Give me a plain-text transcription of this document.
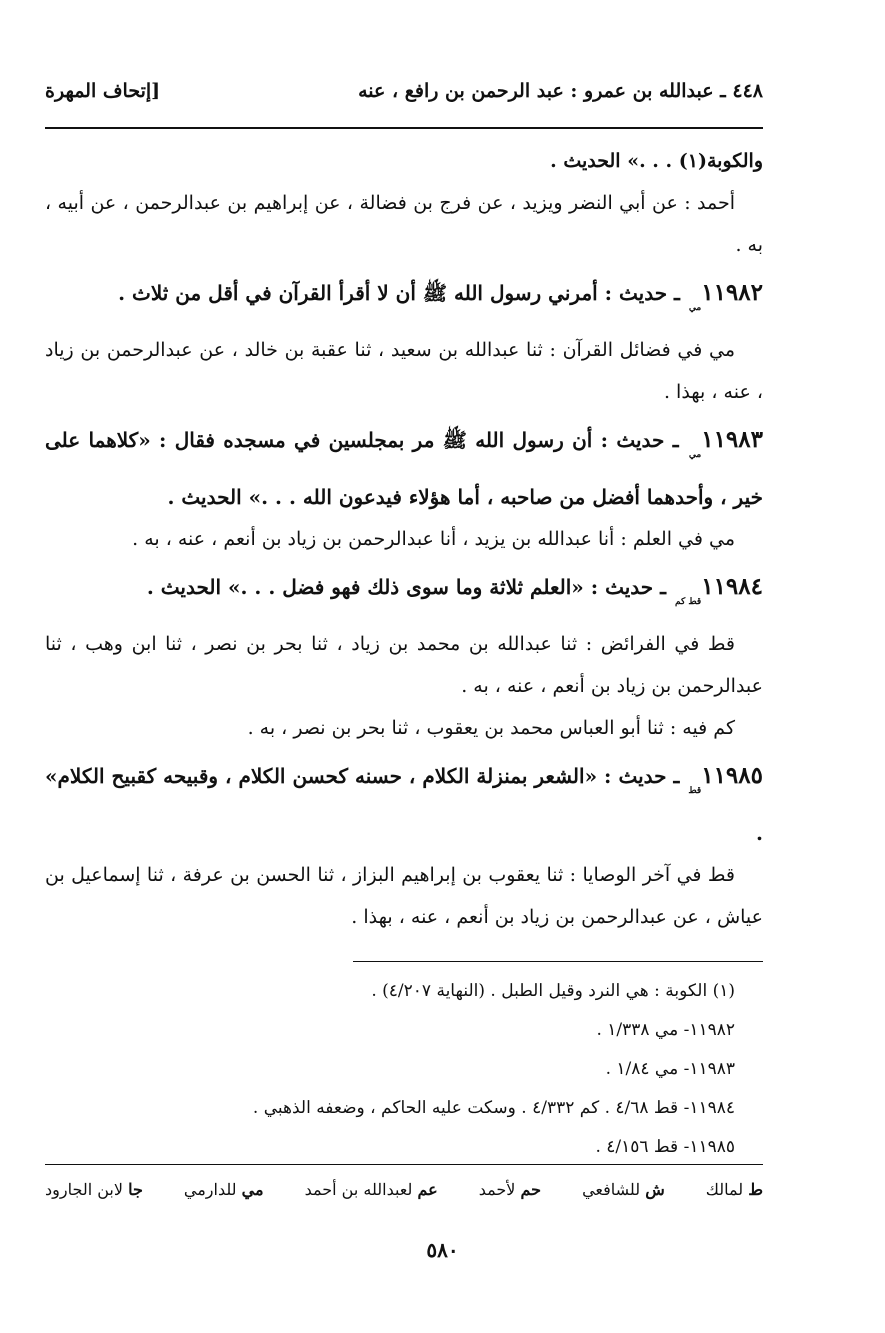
٤٤٨ ـ عبدالله بن عمرو : عبد الرحمن بن رافع ، عنه
[إتحاف المهرة

والكوبة(١) . . .» الحديث .

أحمد : عن أبي النضر ويزيد ، عن فرج بن فضالة ، عن إبراهيم بن عبدالرحمن ، عن أبيه ، به .

$١١٩٨٢_{مي}$ ـ حديث : أمرني رسول الله ﷺ أن لا أقرأ القرآن في أقل من ثلاث .

مي في فضائل القرآن : ثنا عبدالله بن سعيد ، ثنا عقبة بن خالد ، عن عبدالرحمن بن زياد ، عنه ، بهذا .

$١١٩٨٣_{مي}$ ـ حديث : أن رسول الله ﷺ مر بمجلسين في مسجده فقال : «كلاهما على خير ، وأحدهما أفضل من صاحبه ، أما هؤلاء فيدعون الله . . .» الحديث .

مي في العلم : أنا عبدالله بن يزيد ، أنا عبدالرحمن بن زياد بن أنعم ، عنه ، به .

$١١٩٨٤_{قط كم}$ ـ حديث : «العلم ثلاثة وما سوى ذلك فهو فضل . . .» الحديث .

قط في الفرائض : ثنا عبدالله بن محمد بن زياد ، ثنا بحر بن نصر ، ثنا ابن وهب ، ثنا عبدالرحمن بن زياد بن أنعم ، عنه ، به .

كم فيه : ثنا أبو العباس محمد بن يعقوب ، ثنا بحر بن نصر ، به .

$١١٩٨٥_{قط}$ ـ حديث : «الشعر بمنزلة الكلام ، حسنه كحسن الكلام ، وقبيحه كقبيح الكلام» .

قط في آخر الوصايا : ثنا يعقوب بن إبراهيم البزاز ، ثنا الحسن بن عرفة ، ثنا إسماعيل بن عياش ، عن عبدالرحمن بن زياد بن أنعم ، عنه ، بهذا .

(١) الكوبة : هي النرد وقيل الطبل . (النهاية ٤/٢٠٧) .
١١٩٨٢- مي ١/٣٣٨ .
١١٩٨٣- مي ١/٨٤ .
١١٩٨٤- قط ٤/٦٨ . كم ٤/٣٣٢ . وسكت عليه الحاكم ، وضعفه الذهبي .
١١٩٨٥- قط ٤/١٥٦ .
ط لمالك
ش للشافعي
حم لأحمد
عم لعبدالله بن أحمد
مي للدارمي
جا لابن الجارود
٥٨٠
